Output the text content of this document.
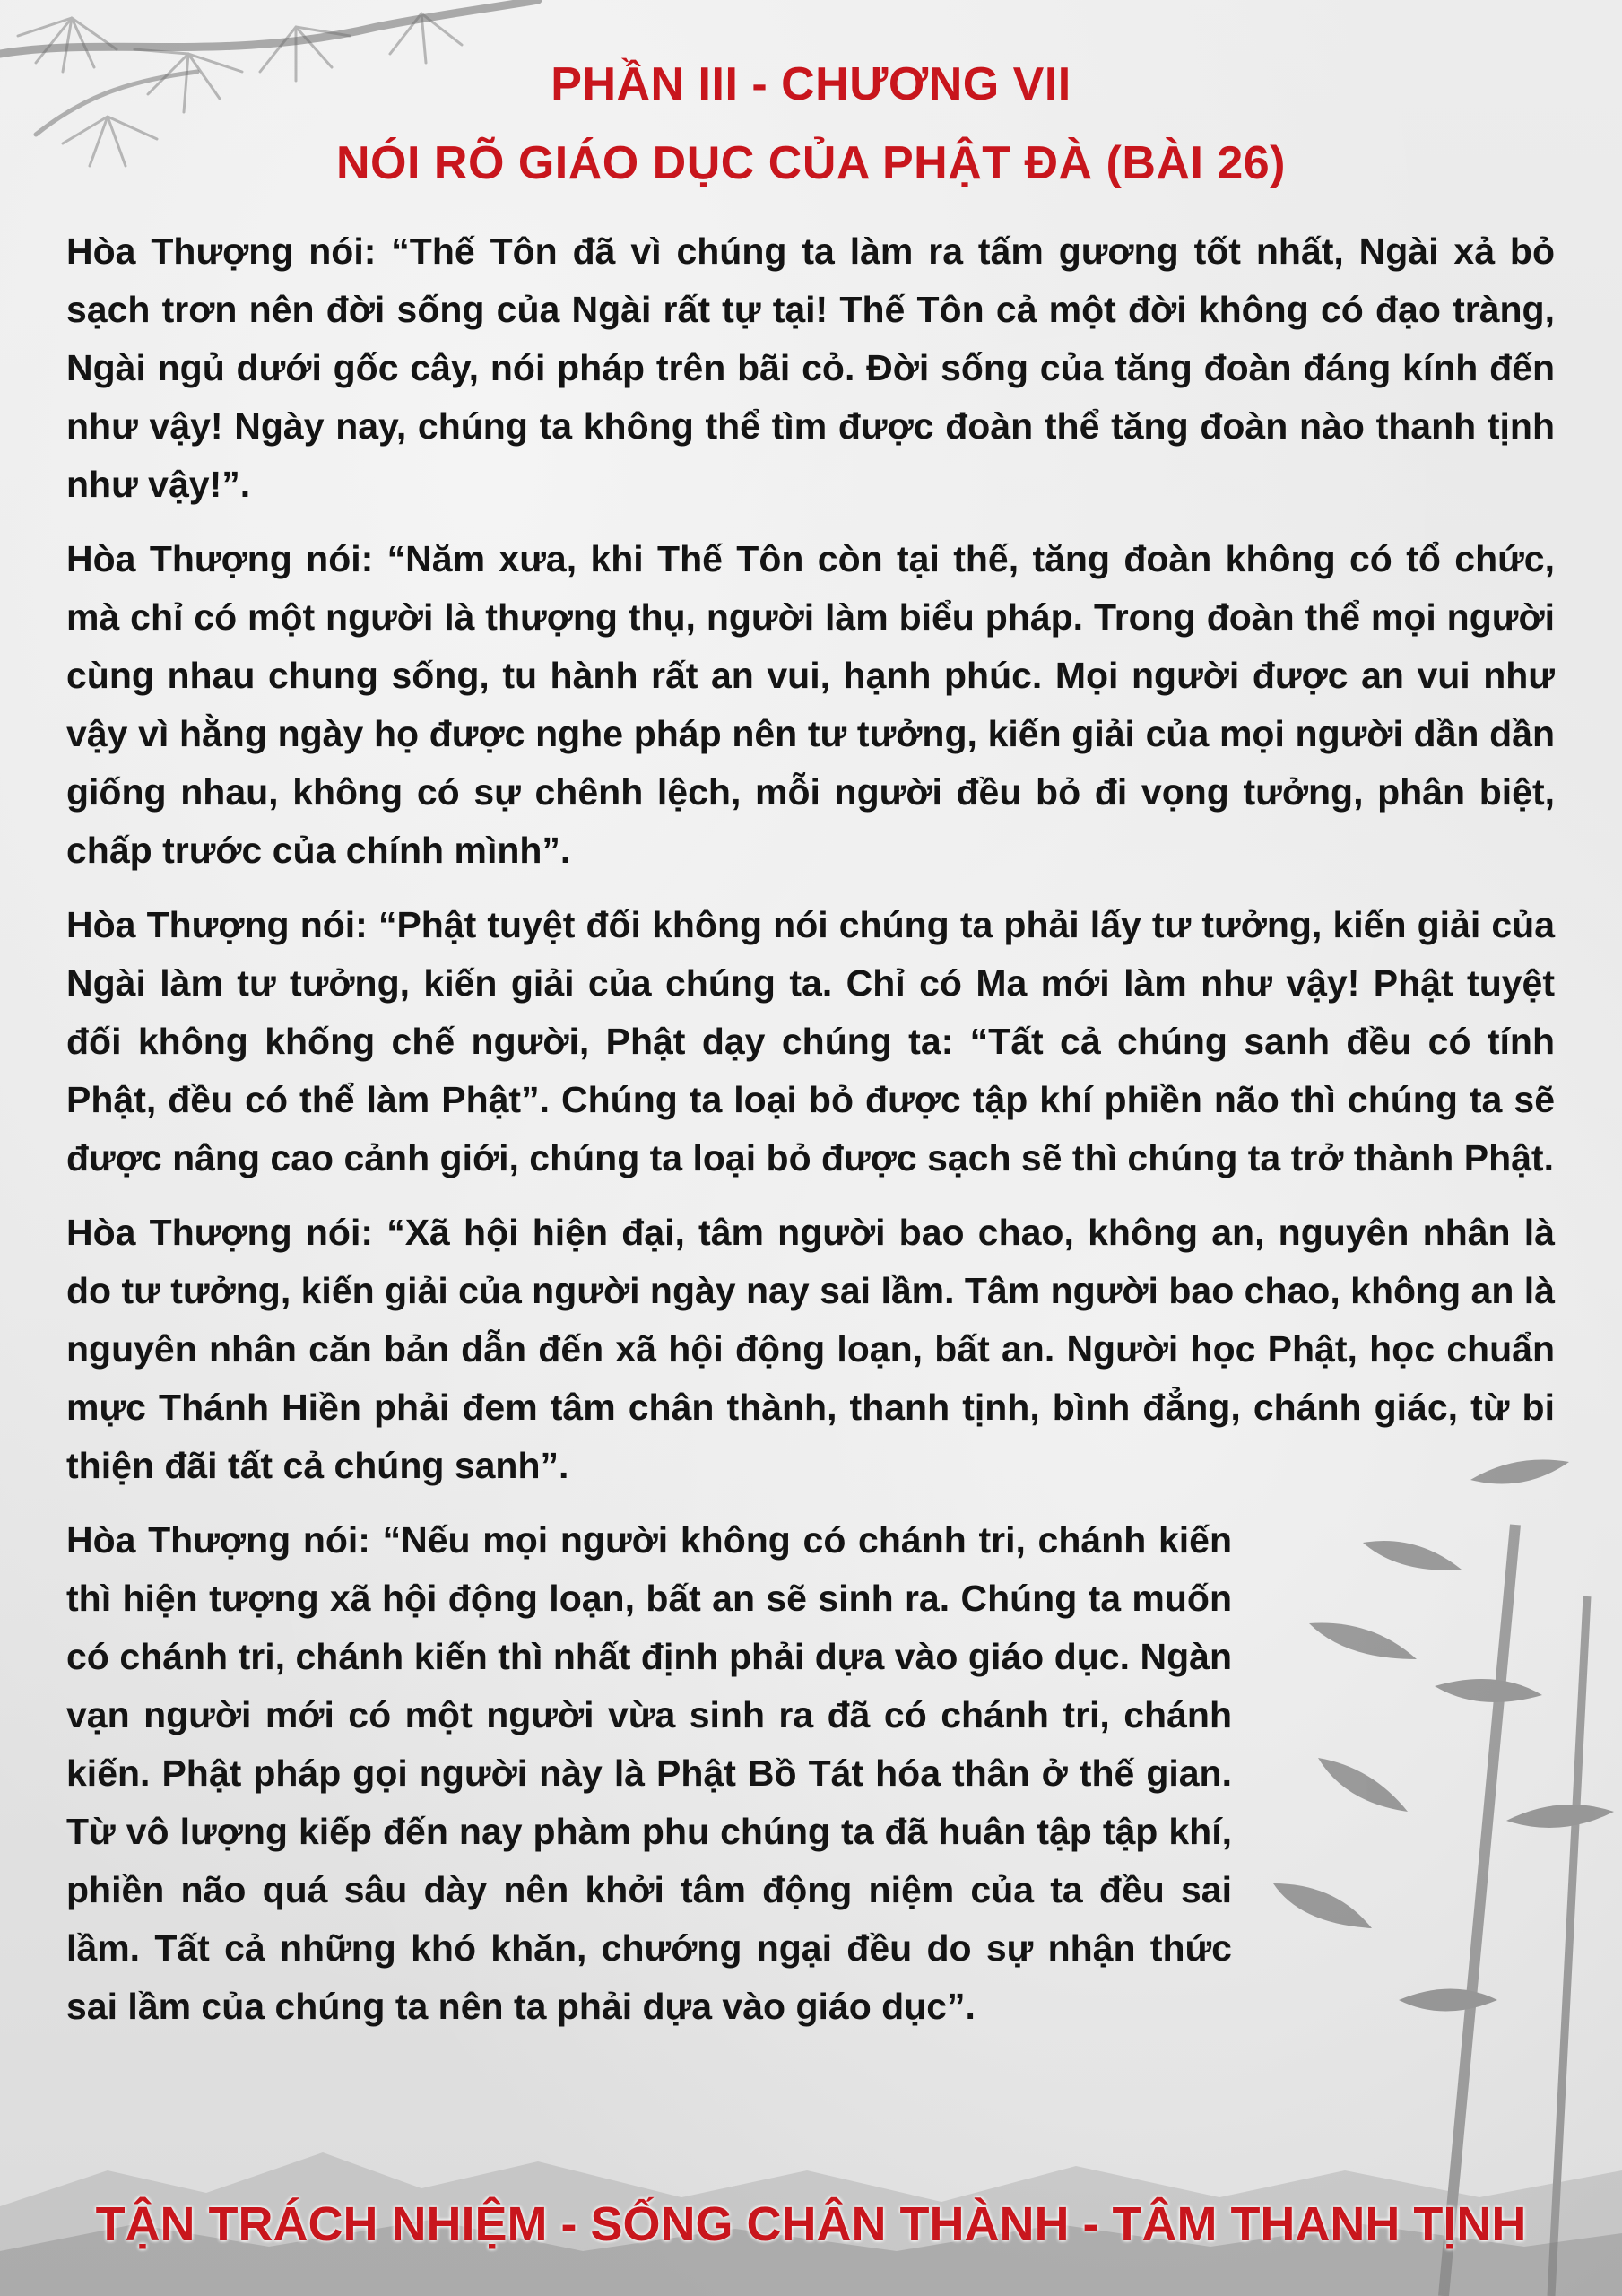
PHẦN III - CHƯƠNG VII
NÓI RÕ GIÁO DỤC CỦA PHẬT ĐÀ (BÀI 26)

Hòa Thượng nói: “Thế Tôn đã vì chúng ta làm ra tấm gương tốt nhất, Ngài xả bỏ sạch trơn nên đời sống của Ngài rất tự tại! Thế Tôn cả một đời không có đạo tràng, Ngài ngủ dưới gốc cây, nói pháp trên bãi cỏ. Đời sống của tăng đoàn đáng kính đến như vậy! Ngày nay, chúng ta không thể tìm được đoàn thể tăng đoàn nào thanh tịnh như vậy!”.

Hòa Thượng nói: “Năm xưa, khi Thế Tôn còn tại thế, tăng đoàn không có tổ chức, mà chỉ có một người là thượng thụ, người làm biểu pháp. Trong đoàn thể mọi người cùng nhau chung sống, tu hành rất an vui, hạnh phúc. Mọi người được an vui như vậy vì hằng ngày họ được nghe pháp nên tư tưởng, kiến giải của mọi người dần dần giống nhau, không có sự chênh lệch, mỗi người đều bỏ đi vọng tưởng, phân biệt, chấp trước của chính mình”.

Hòa Thượng nói: “Phật tuyệt đối không nói chúng ta phải lấy tư tưởng, kiến giải của Ngài làm tư tưởng, kiến giải của chúng ta. Chỉ có Ma mới làm như vậy! Phật tuyệt đối không khống chế người, Phật dạy chúng ta: “Tất cả chúng sanh đều có tính Phật, đều có thể làm Phật”. Chúng ta loại bỏ được tập khí phiền não thì chúng ta sẽ được nâng cao cảnh giới, chúng ta loại bỏ được sạch sẽ thì chúng ta trở thành Phật.

Hòa Thượng nói: “Xã hội hiện đại, tâm người bao chao, không an, nguyên nhân là do tư tưởng, kiến giải của người ngày nay sai lầm. Tâm người bao chao, không an là nguyên nhân căn bản dẫn đến xã hội động loạn, bất an. Người học Phật, học chuẩn mực Thánh Hiền phải đem tâm chân thành, thanh tịnh, bình đẳng, chánh giác, từ bi thiện đãi tất cả chúng sanh”.

Hòa Thượng nói: “Nếu mọi người không có chánh tri, chánh kiến thì hiện tượng xã hội động loạn, bất an sẽ sinh ra. Chúng ta muốn có chánh tri, chánh kiến thì nhất định phải dựa vào giáo dục. Ngàn vạn người mới có một người vừa sinh ra đã có chánh tri, chánh kiến. Phật pháp gọi người này là Phật Bồ Tát hóa thân ở thế gian. Từ vô lượng kiếp đến nay phàm phu chúng ta đã huân tập tập khí, phiền não quá sâu dày nên khởi tâm động niệm của ta đều sai lầm. Tất cả những khó khăn, chướng ngại đều do sự nhận thức sai lầm của chúng ta nên ta phải dựa vào giáo dục”.

TẬN TRÁCH NHIỆM - SỐNG CHÂN THÀNH - TÂM THANH TỊNH
